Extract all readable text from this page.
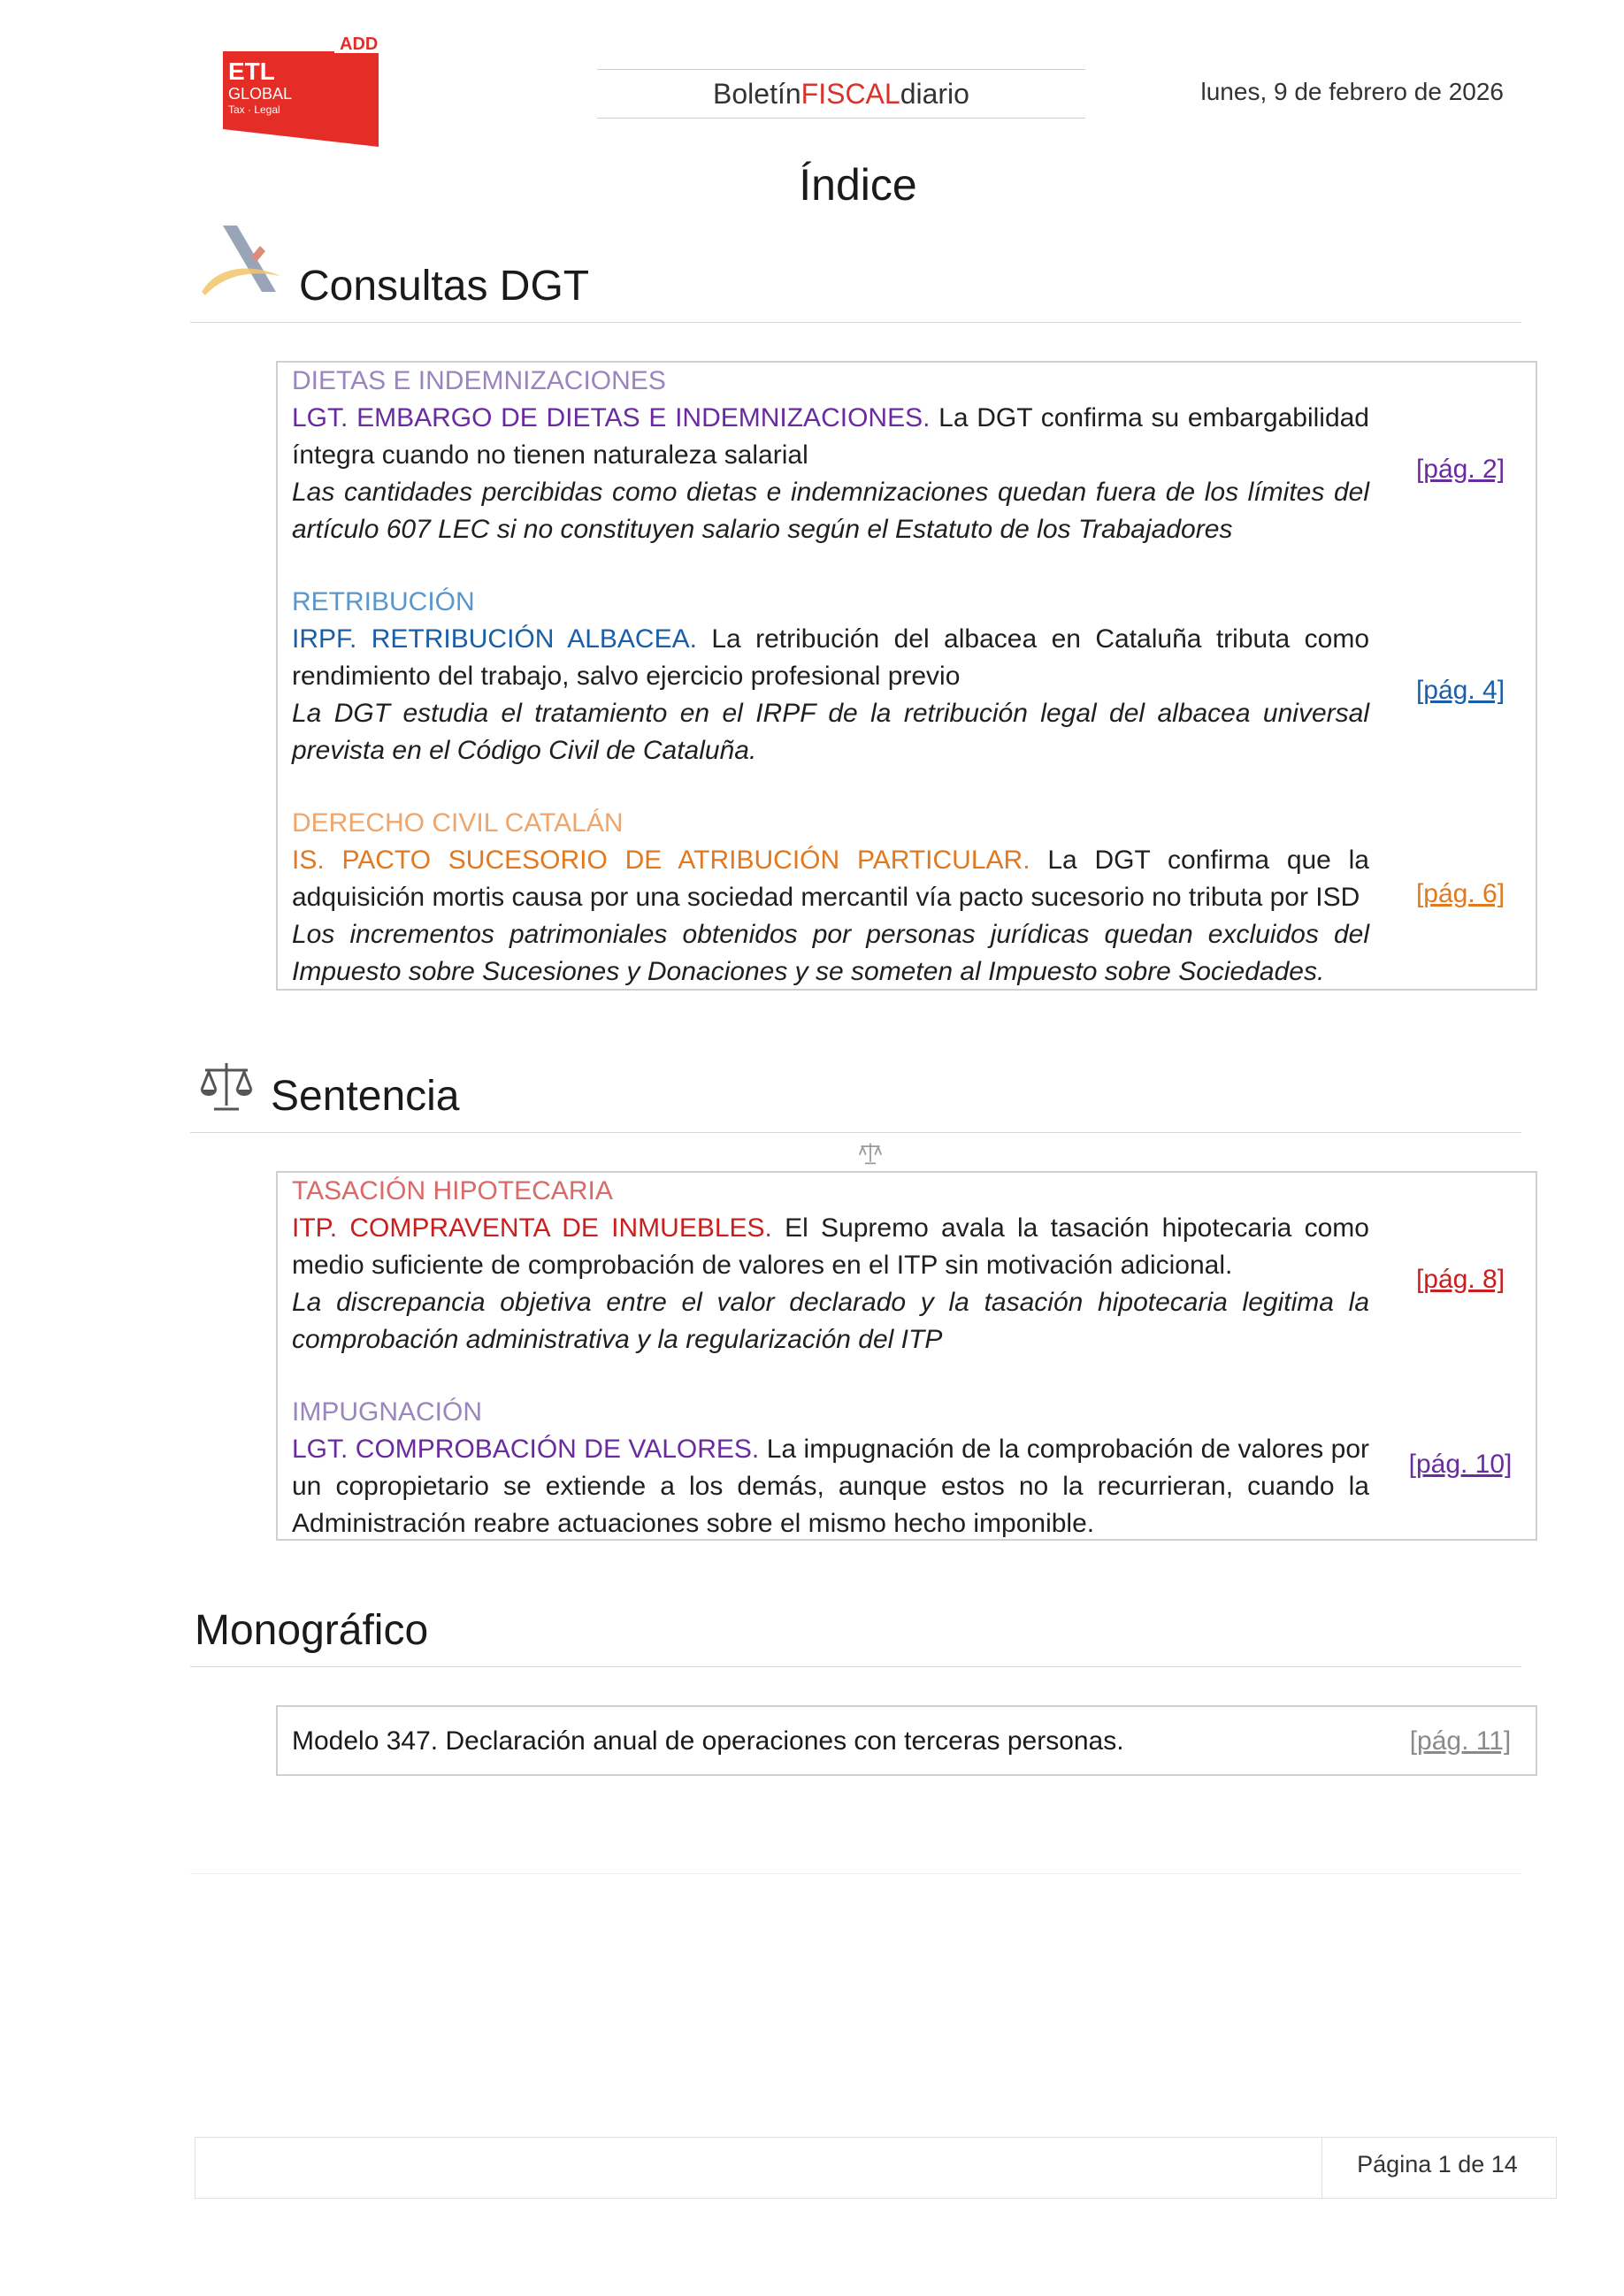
ADD
ETL
GLOBAL
Tax · Legal
Boletín FISCAL diario	lunes, 9 de febrero de 2026
Índice
Consultas DGT
DIETAS E INDEMNIZACIONES
LGT. EMBARGO DE DIETAS E INDEMNIZACIONES. La DGT confirma su embargabilidad íntegra cuando no tienen naturaleza salarial
Las cantidades percibidas como dietas e indemnizaciones quedan fuera de los límites del artículo 607 LEC si no constituyen salario según el Estatuto de los Trabajadores
[pág. 2]
RETRIBUCIÓN
IRPF. RETRIBUCIÓN ALBACEA. La retribución del albacea en Cataluña tributa como rendimiento del trabajo, salvo ejercicio profesional previo
La DGT estudia el tratamiento en el IRPF de la retribución legal del albacea universal prevista en el Código Civil de Cataluña.
[pág. 4]
DERECHO CIVIL CATALÁN
IS. PACTO SUCESORIO DE ATRIBUCIÓN PARTICULAR. La DGT confirma que la adquisición mortis causa por una sociedad mercantil vía pacto sucesorio no tributa por ISD
Los incrementos patrimoniales obtenidos por personas jurídicas quedan excluidos del Impuesto sobre Sucesiones y Donaciones y se someten al Impuesto sobre Sociedades.
[pág. 6]
Sentencia
TASACIÓN HIPOTECARIA
ITP. COMPRAVENTA DE INMUEBLES. El Supremo avala la tasación hipotecaria como medio suficiente de comprobación de valores en el ITP sin motivación adicional.
La discrepancia objetiva entre el valor declarado y la tasación hipotecaria legitima la comprobación administrativa y la regularización del ITP
[pág. 8]
IMPUGNACIÓN
LGT. COMPROBACIÓN DE VALORES. La impugnación de la comprobación de valores por un copropietario se extiende a los demás, aunque estos no la recurrieran, cuando la Administración reabre actuaciones sobre el mismo hecho imponible.
[pág. 10]
Monográfico
Modelo 347. Declaración anual de operaciones con terceras personas.	[pág. 11]
Página 1 de 14
